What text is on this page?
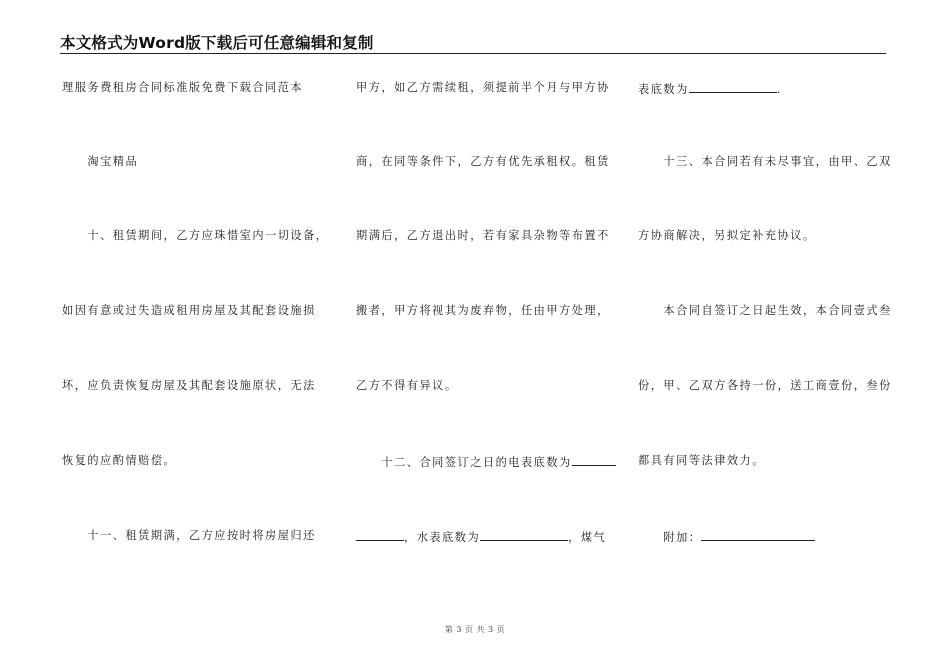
本文格式为Word版下载后可任意编辑和复制
理服务费租房合同标准版免费下载合同范本
　　淘宝精品
　　十、租赁期间，乙方应珠惜室内一切设备，
如因有意或过失造成租用房屋及其配套设施损
坏，应负责恢复房屋及其配套设施原状，无法
恢复的应酌情赔偿。
　　十一、租赁期满，乙方应按时将房屋归还
甲方，如乙方需续租，须提前半个月与甲方协
商，在同等条件下，乙方有优先承租权。租赁
期满后，乙方退出时，若有家具杂物等布置不
搬者，甲方将视其为废弃物，任由甲方处理，
乙方不得有异议。
　　十二、合同签订之日的电表底数为
，水表底数为	，煤气
表底数为	.
　　十三、本合同若有未尽事宜，由甲、乙双
方协商解决，另拟定补充协议。
　　本合同自签订之日起生效，本合同壹式叁
份，甲、乙双方各持一份，送工商壹份，叁份
都具有同等法律效力。
　　附加：
第 3 页 共 3 页
